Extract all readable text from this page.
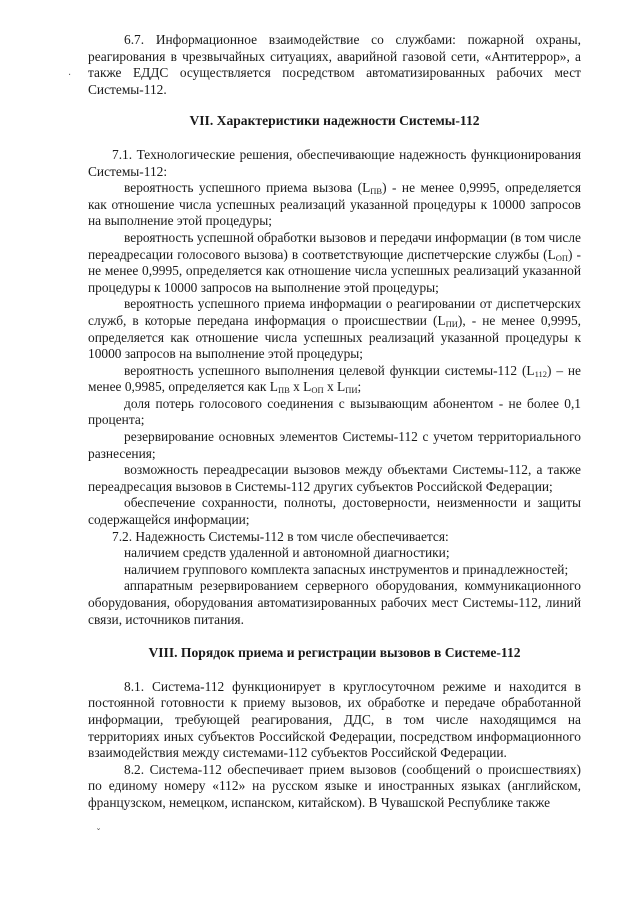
6.7. Информационное взаимодействие со службами: пожарной охраны, реагирования в чрезвычайных ситуациях, аварийной газовой сети, «Антитеррор», а также ЕДДС осуществляется посредством автоматизированных рабочих мест Системы-112.

VII. Характеристики надежности Системы-112

7.1. Технологические решения, обеспечивающие надежность функционирования Системы-112:

вероятность успешного приема вызова $(L_{ПВ})$ - не менее 0,9995, определяется как отношение числа успешных реализаций указанной процедуры к 10000 запросов на выполнение этой процедуры;

вероятность успешной обработки вызовов и передачи информации (в том числе переадресации голосового вызова) в соответствующие диспетчерские службы $(L_{ОП})$ - не менее 0,9995, определяется как отношение числа успешных реализаций указанной процедуры к 10000 запросов на выполнение этой процедуры;

вероятность успешного приема информации о реагировании от диспетчерских служб, в которые передана информация о происшествии $(L_{ПИ})$, - не менее 0,9995, определяется как отношение числа успешных реализаций указанной процедуры к 10000 запросов на выполнение этой процедуры;

вероятность успешного выполнения целевой функции системы-112 $(L_{112})$ – не менее 0,9985, определяется как $L_{ПВ}$ x $L_{ОП}$ x $L_{ПИ}$;

доля потерь голосового соединения с вызывающим абонентом - не более 0,1 процента;

резервирование основных элементов Системы-112 с учетом территориального разнесения;

возможность переадресации вызовов между объектами Системы-112, а также переадресация вызовов в Системы-112 других субъектов Российской Федерации;

обеспечение сохранности, полноты, достоверности, неизменности и защиты содержащейся информации;

7.2. Надежность Системы-112 в том числе обеспечивается:

наличием средств удаленной и автономной диагностики;

наличием группового комплекта запасных инструментов и принадлежностей;

аппаратным резервированием серверного оборудования, коммуникационного оборудования, оборудования автоматизированных рабочих мест Системы-112, линий связи, источников питания.

VIII. Порядок приема и регистрации вызовов в Системе-112

8.1. Система-112 функционирует в круглосуточном режиме и находится в постоянной готовности к приему вызовов, их обработке и передаче обработанной информации, требующей реагирования, ДДС, в том числе находящимся на территориях иных субъектов Российской Федерации, посредством информационного взаимодействия между системами-112 субъектов Российской Федерации.

8.2. Система-112 обеспечивает прием вызовов (сообщений о происшествиях) по единому номеру «112» на русском языке и иностранных языках (английском, французском, немецком, испанском, китайском). В Чувашской Республике также

·
ˇ
